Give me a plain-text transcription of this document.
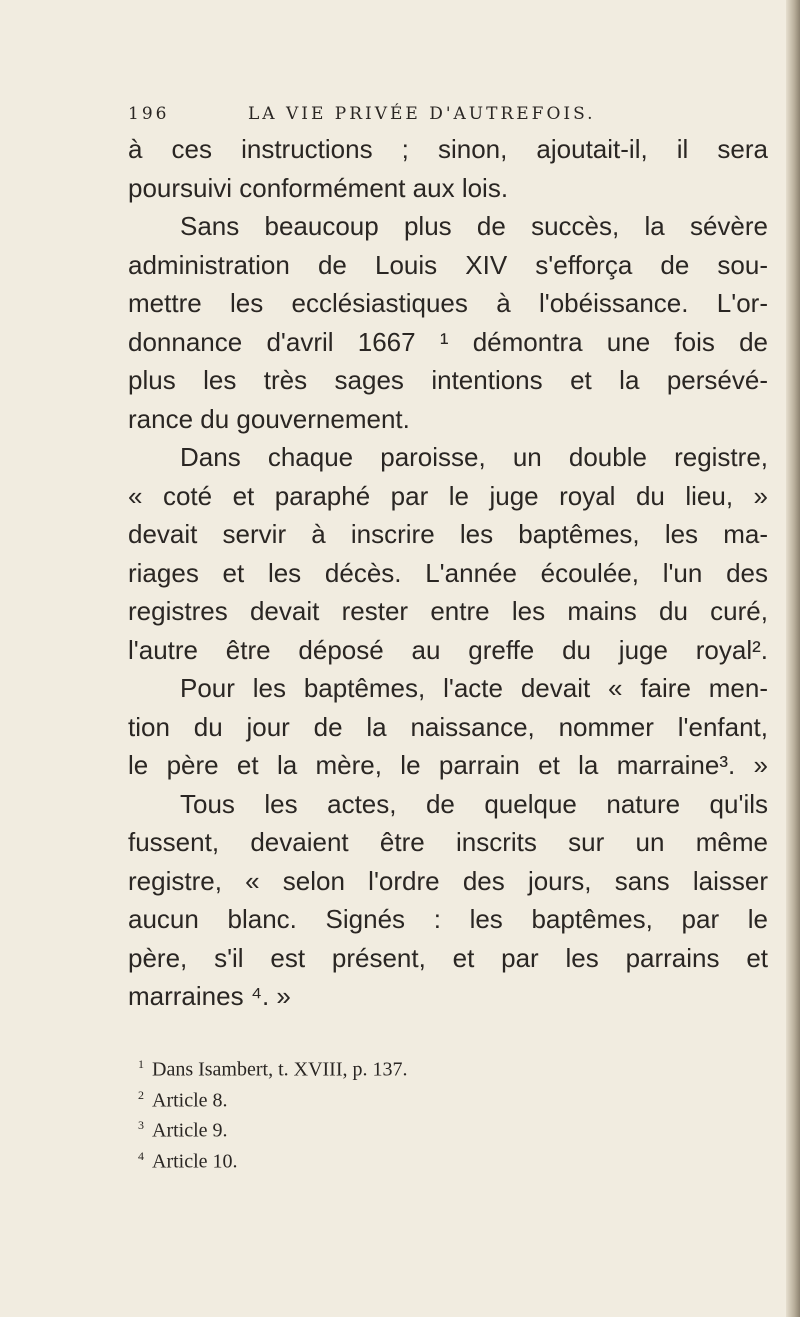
196	LA VIE PRIVÉE D'AUTREFOIS.
à ces instructions ; sinon, ajoutait-il, il sera
poursuivi conformément aux lois.
Sans beaucoup plus de succès, la sévère
administration de Louis XIV s'efforça de sou-
mettre les ecclésiastiques à l'obéissance. L'or-
donnance d'avril 1667 ¹ démontra une fois de
plus les très sages intentions et la persévé-
rance du gouvernement.
Dans chaque paroisse, un double registre,
« coté et paraphé par le juge royal du lieu, »
devait servir à inscrire les baptêmes, les ma-
riages et les décès. L'année écoulée, l'un des
registres devait rester entre les mains du curé,
l'autre être déposé au greffe du juge royal².
Pour les baptêmes, l'acte devait « faire men-
tion du jour de la naissance, nommer l'enfant,
le père et la mère, le parrain et la marraine³. »
Tous les actes, de quelque nature qu'ils
fussent, devaient être inscrits sur un même
registre, « selon l'ordre des jours, sans laisser
aucun blanc. Signés : les baptêmes, par le
père, s'il est présent, et par les parrains et
marraines ⁴. »
$^1$ Dans Isambert, t. XVIII, p. 137.
$^2$ Article 8.
$^3$ Article 9.
$^4$ Article 10.
